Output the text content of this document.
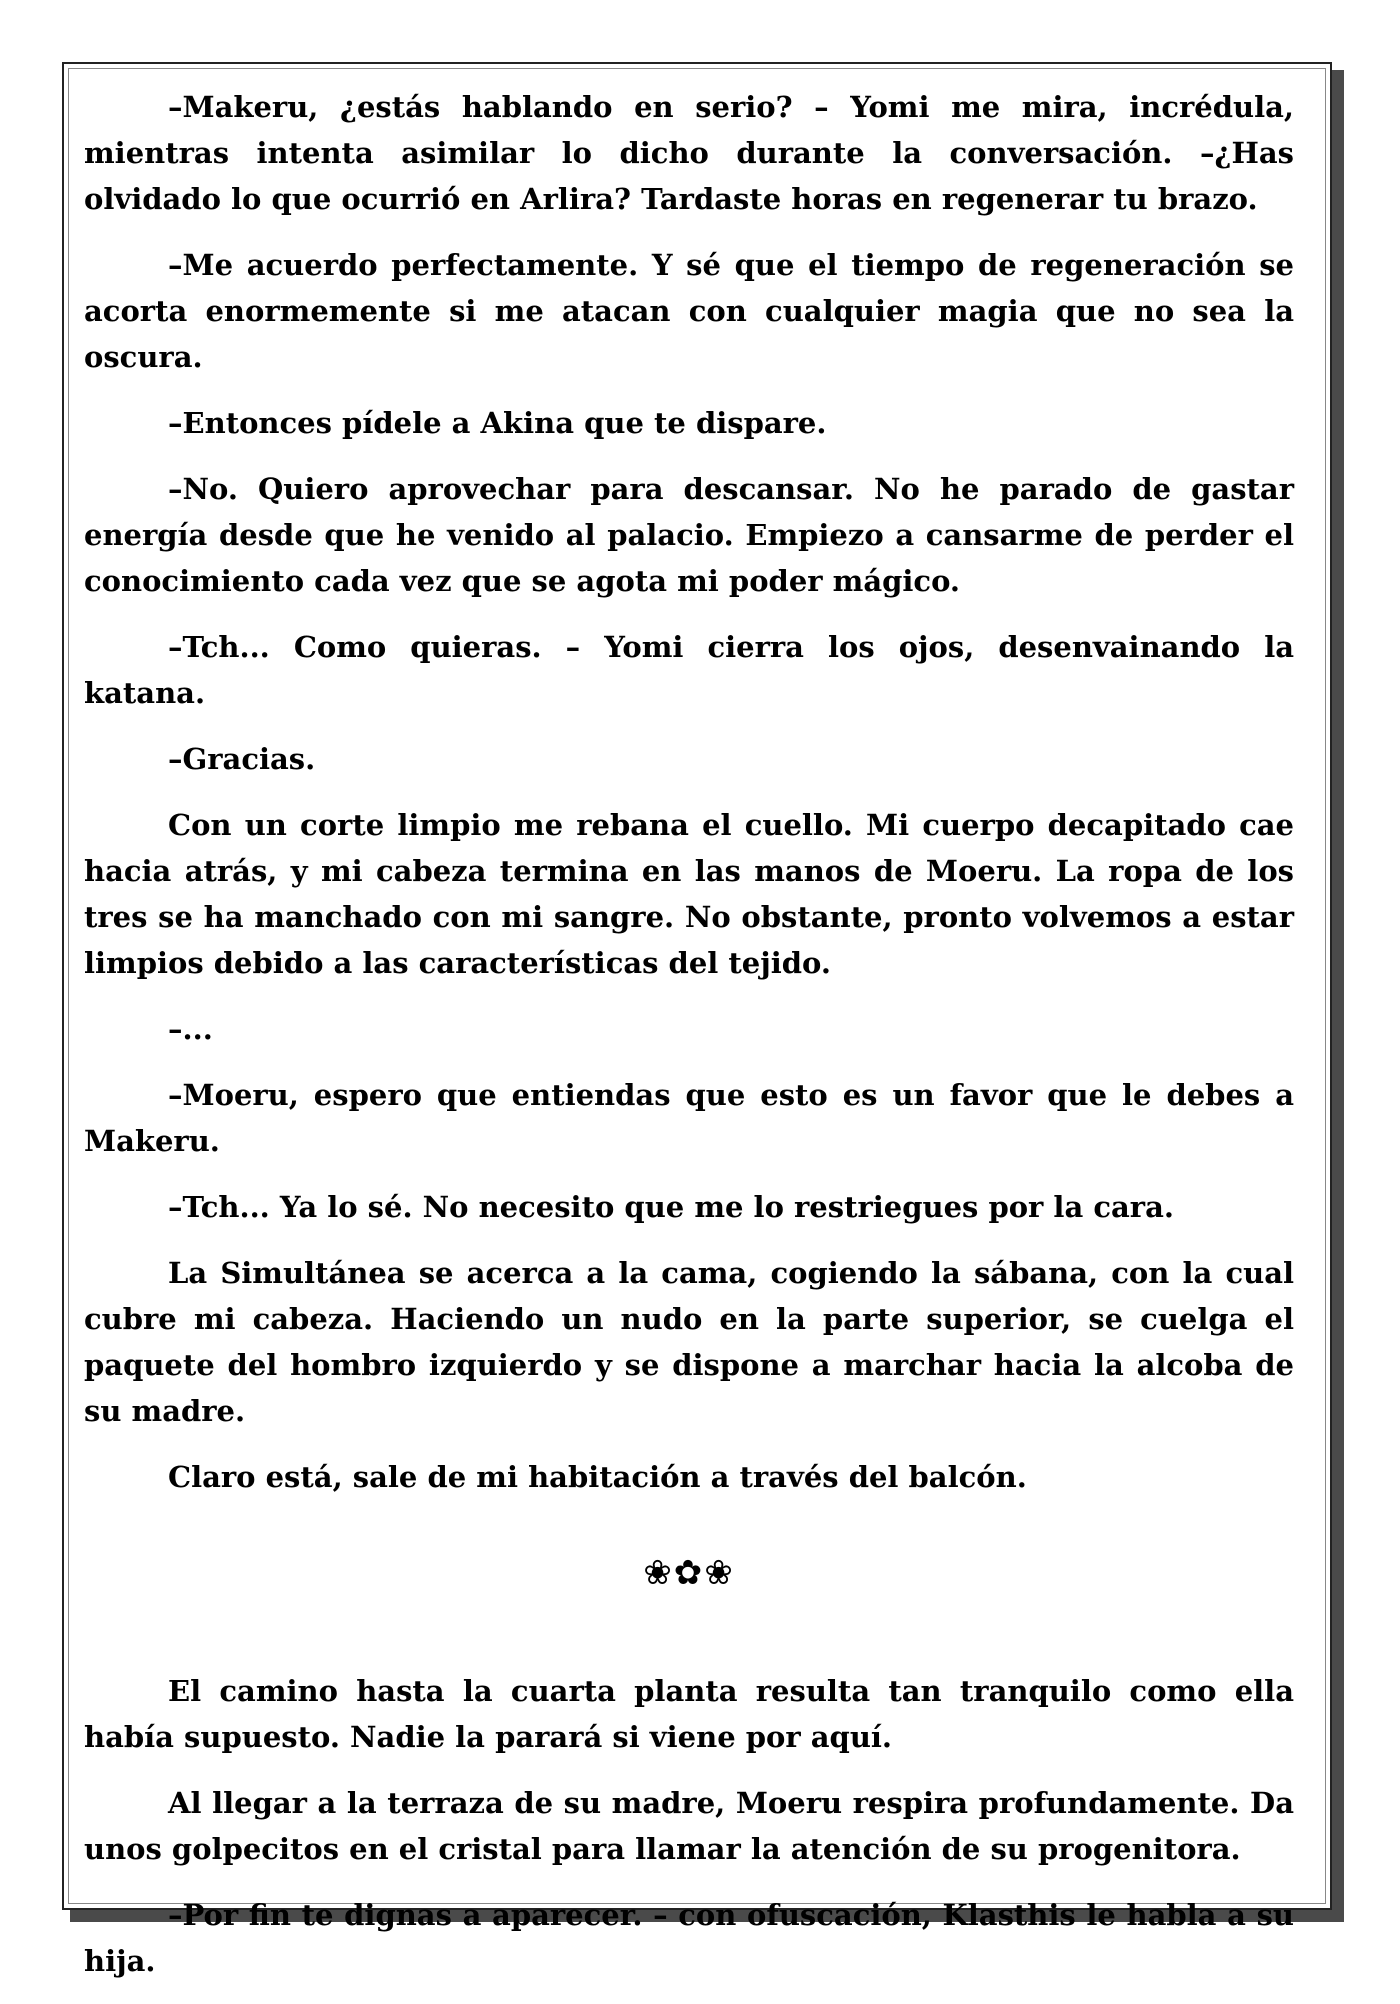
–Makeru, ¿estás hablando en serio? – Yomi me mira, incrédula, mientras intenta asimilar lo dicho durante la conversación. –¿Has olvidado lo que ocurrió en Arlira? Tardaste horas en regenerar tu brazo.

–Me acuerdo perfectamente. Y sé que el tiempo de regeneración se acorta enormemente si me atacan con cualquier magia que no sea la oscura.

–Entonces pídele a Akina que te dispare.

–No. Quiero aprovechar para descansar. No he parado de gastar energía desde que he venido al palacio. Empiezo a cansarme de perder el conocimiento cada vez que se agota mi poder mágico.

–Tch... Como quieras. – Yomi cierra los ojos, desenvainando la katana.

–Gracias.

Con un corte limpio me rebana el cuello. Mi cuerpo decapitado cae hacia atrás, y mi cabeza termina en las manos de Moeru. La ropa de los tres se ha manchado con mi sangre. No obstante, pronto volvemos a estar limpios debido a las características del tejido.

–...

–Moeru, espero que entiendas que esto es un favor que le debes a Makeru.

–Tch... Ya lo sé. No necesito que me lo restriegues por la cara.

La Simultánea se acerca a la cama, cogiendo la sábana, con la cual cubre mi cabeza. Haciendo un nudo en la parte superior, se cuelga el paquete del hombro izquierdo y se dispone a marchar hacia la alcoba de su madre.

Claro está, sale de mi habitación a través del balcón.

❀✿❀

El camino hasta la cuarta planta resulta tan tranquilo como ella había supuesto. Nadie la parará si viene por aquí.

Al llegar a la terraza de su madre, Moeru respira profundamente. Da unos golpecitos en el cristal para llamar la atención de su progenitora.

–Por fin te dignas a aparecer. – con ofuscación, Klasthis le habla a su hija.
